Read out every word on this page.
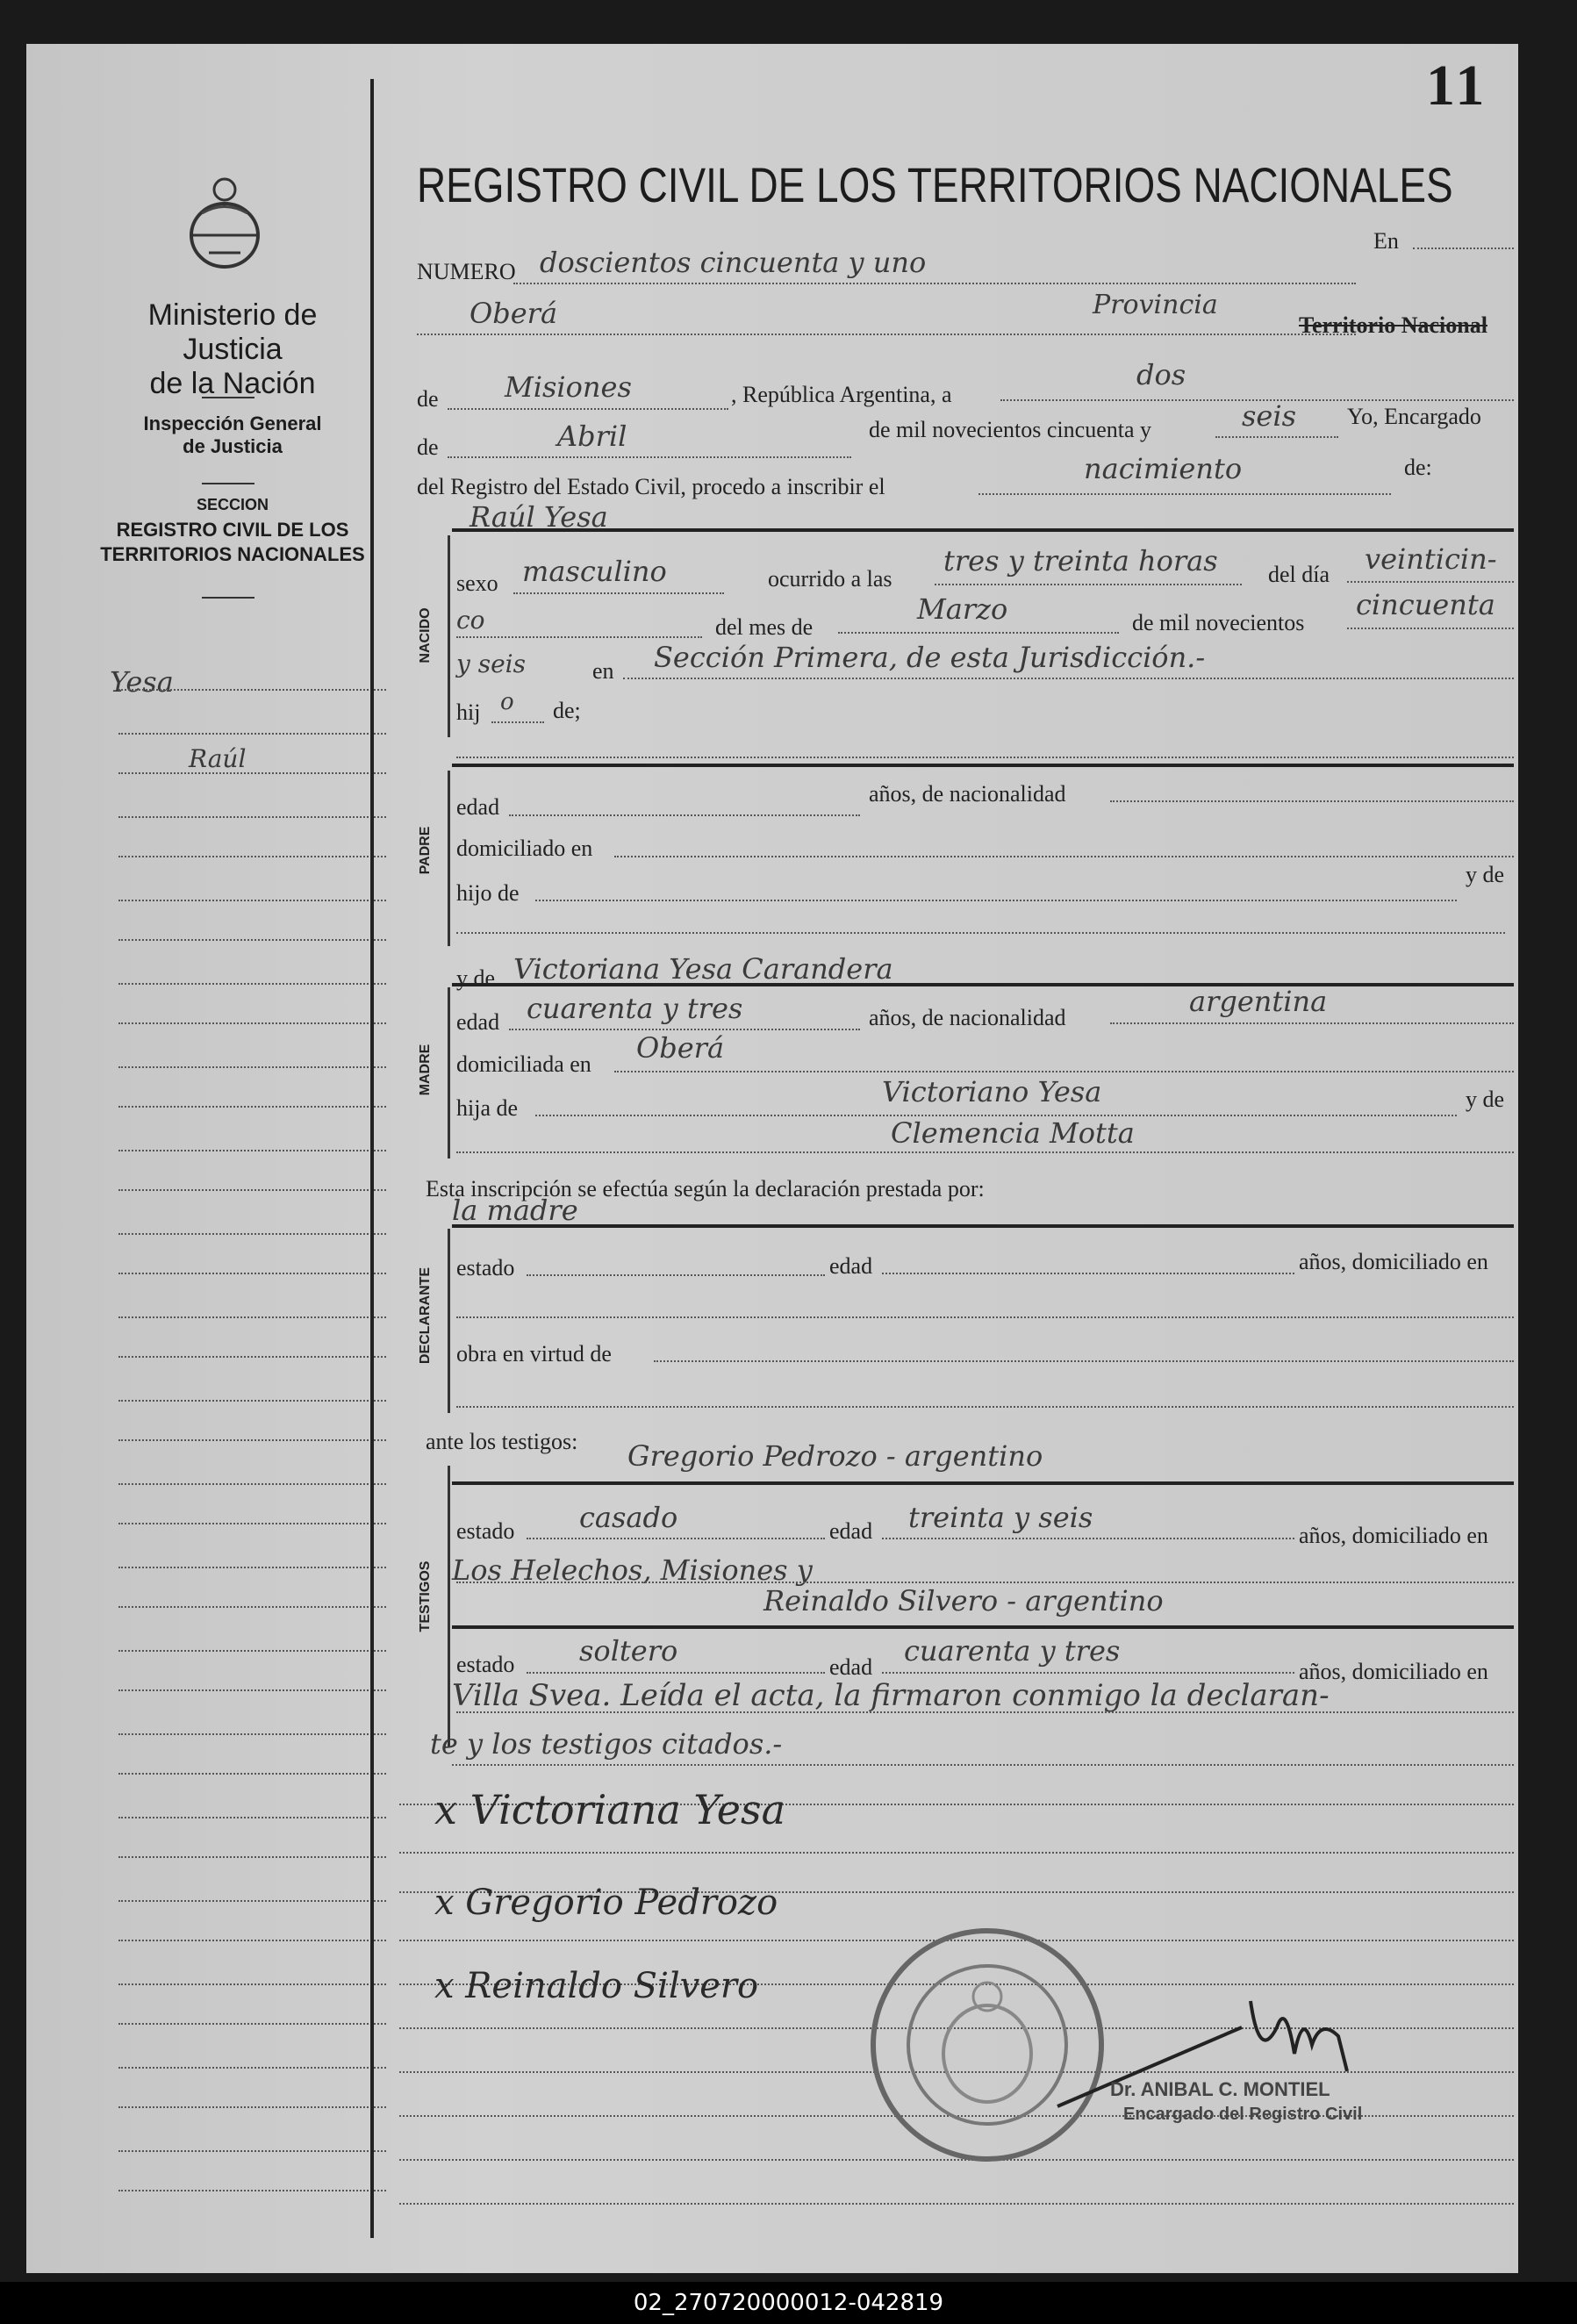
Ministerio de Justicia
de la Nación
Inspección General
de Justicia
SECCION
REGISTRO CIVIL DE LOS
TERRITORIOS NACIONALES
Yesa
Raúl
11
REGISTRO CIVIL DE LOS TERRITORIOS NACIONALES
NUMERO doscientos cincuenta y uno
En
Oberá	Provincia
Territorio Nacional
de Misiones	, República Argentina, a
dos
de	Abril	de mil novecientos cincuenta y	seis Yo, Encargado
del Registro del Estado Civil, procedo a inscribir el
nacimiento	de:
Raúl Yesa
NACIDO
sexo masculino	ocurrido a las
tres y treinta horas del día veinticin-
co	del mes de
Marzo	de mil novecientos
cincuenta
y seis	en Sección Primera, de esta Jurisdicción.-
hij o de;
PADRE
edad
años, de nacionalidad
domiciliado en
hijo de
y de
y de Victoriana Yesa Carandera
MADRE
edad cuarenta y tres	años, de nacionalidad	argentina
domiciliada en Oberá
hija de	Victoriano Yesa	y de
Clemencia Motta
Esta inscripción se efectúa según la declaración prestada por:
la madre
DECLARANTE estado	edad	años, domiciliado en
obra en virtud de
ante los testigos: Gregorio Pedrozo - argentino
TESTIGOS
estado casado	edad treinta y seis
años, domiciliado en
Los Helechos, Misiones y
Reinaldo Silvero - argentino
estado soltero	edad cuarenta y tres
años, domiciliado en
Villa Svea. Leída el acta, la firmaron conmigo la declaran-
te y los testigos citados.-
x Victoriana Yesa
x Gregorio Pedrozo
x Reinaldo Silvero
Dr. ANIBAL C. MONTIEL
Encargado del Registro Civil
02_270720000012-042819
